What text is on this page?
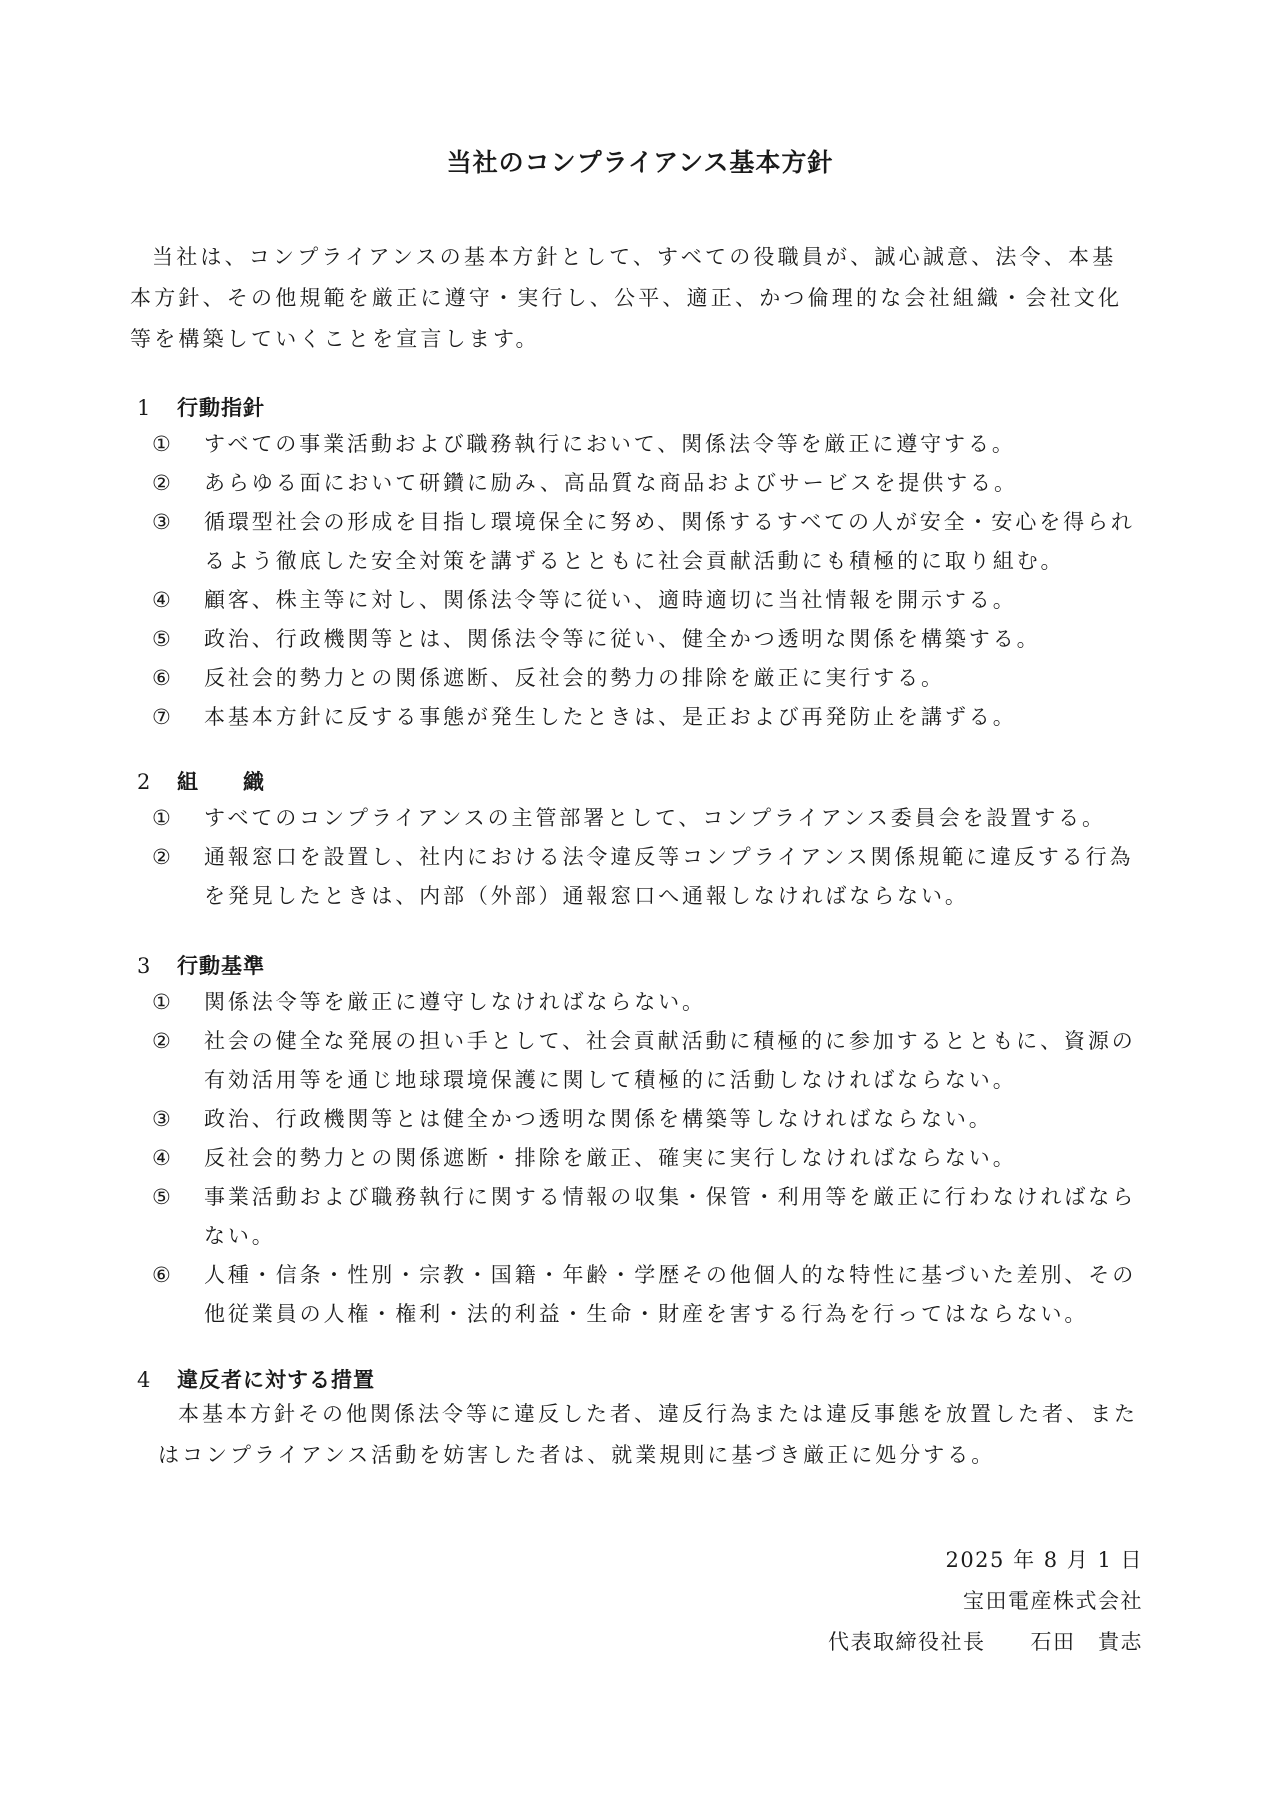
当社のコンプライアンス基本方針
当社は、コンプライアンスの基本方針として、すべての役職員が、誠心誠意、法令、本基本方針、その他規範を厳正に遵守・実行し、公平、適正、かつ倫理的な会社組織・会社文化等を構築していくことを宣言します。
1 行動指針
①	すべての事業活動および職務執行において、関係法令等を厳正に遵守する。
②	あらゆる面において研鑽に励み、高品質な商品およびサービスを提供する。
③	循環型社会の形成を目指し環境保全に努め、関係するすべての人が安全・安心を得られるよう徹底した安全対策を講ずるとともに社会貢献活動にも積極的に取り組む。
④	顧客、株主等に対し、関係法令等に従い、適時適切に当社情報を開示する。
⑤	政治、行政機関等とは、関係法令等に従い、健全かつ透明な関係を構築する。
⑥	反社会的勢力との関係遮断、反社会的勢力の排除を厳正に実行する。
⑦	本基本方針に反する事態が発生したときは、是正および再発防止を講ずる。
2 組　　織
①	すべてのコンプライアンスの主管部署として、コンプライアンス委員会を設置する。
②	通報窓口を設置し、社内における法令違反等コンプライアンス関係規範に違反する行為を発見したときは、内部（外部）通報窓口へ通報しなければならない。
3 行動基準
①	関係法令等を厳正に遵守しなければならない。
②	社会の健全な発展の担い手として、社会貢献活動に積極的に参加するとともに、資源の有効活用等を通じ地球環境保護に関して積極的に活動しなければならない。
③	政治、行政機関等とは健全かつ透明な関係を構築等しなければならない。
④	反社会的勢力との関係遮断・排除を厳正、確実に実行しなければならない。
⑤	事業活動および職務執行に関する情報の収集・保管・利用等を厳正に行わなければならない。
⑥	人種・信条・性別・宗教・国籍・年齢・学歴その他個人的な特性に基づいた差別、その他従業員の人権・権利・法的利益・生命・財産を害する行為を行ってはならない。
4 違反者に対する措置
本基本方針その他関係法令等に違反した者、違反行為または違反事態を放置した者、またはコンプライアンス活動を妨害した者は、就業規則に基づき厳正に処分する。
2025 年 8 月 1 日
宝田電産株式会社
代表取締役社長　　石田　貴志
